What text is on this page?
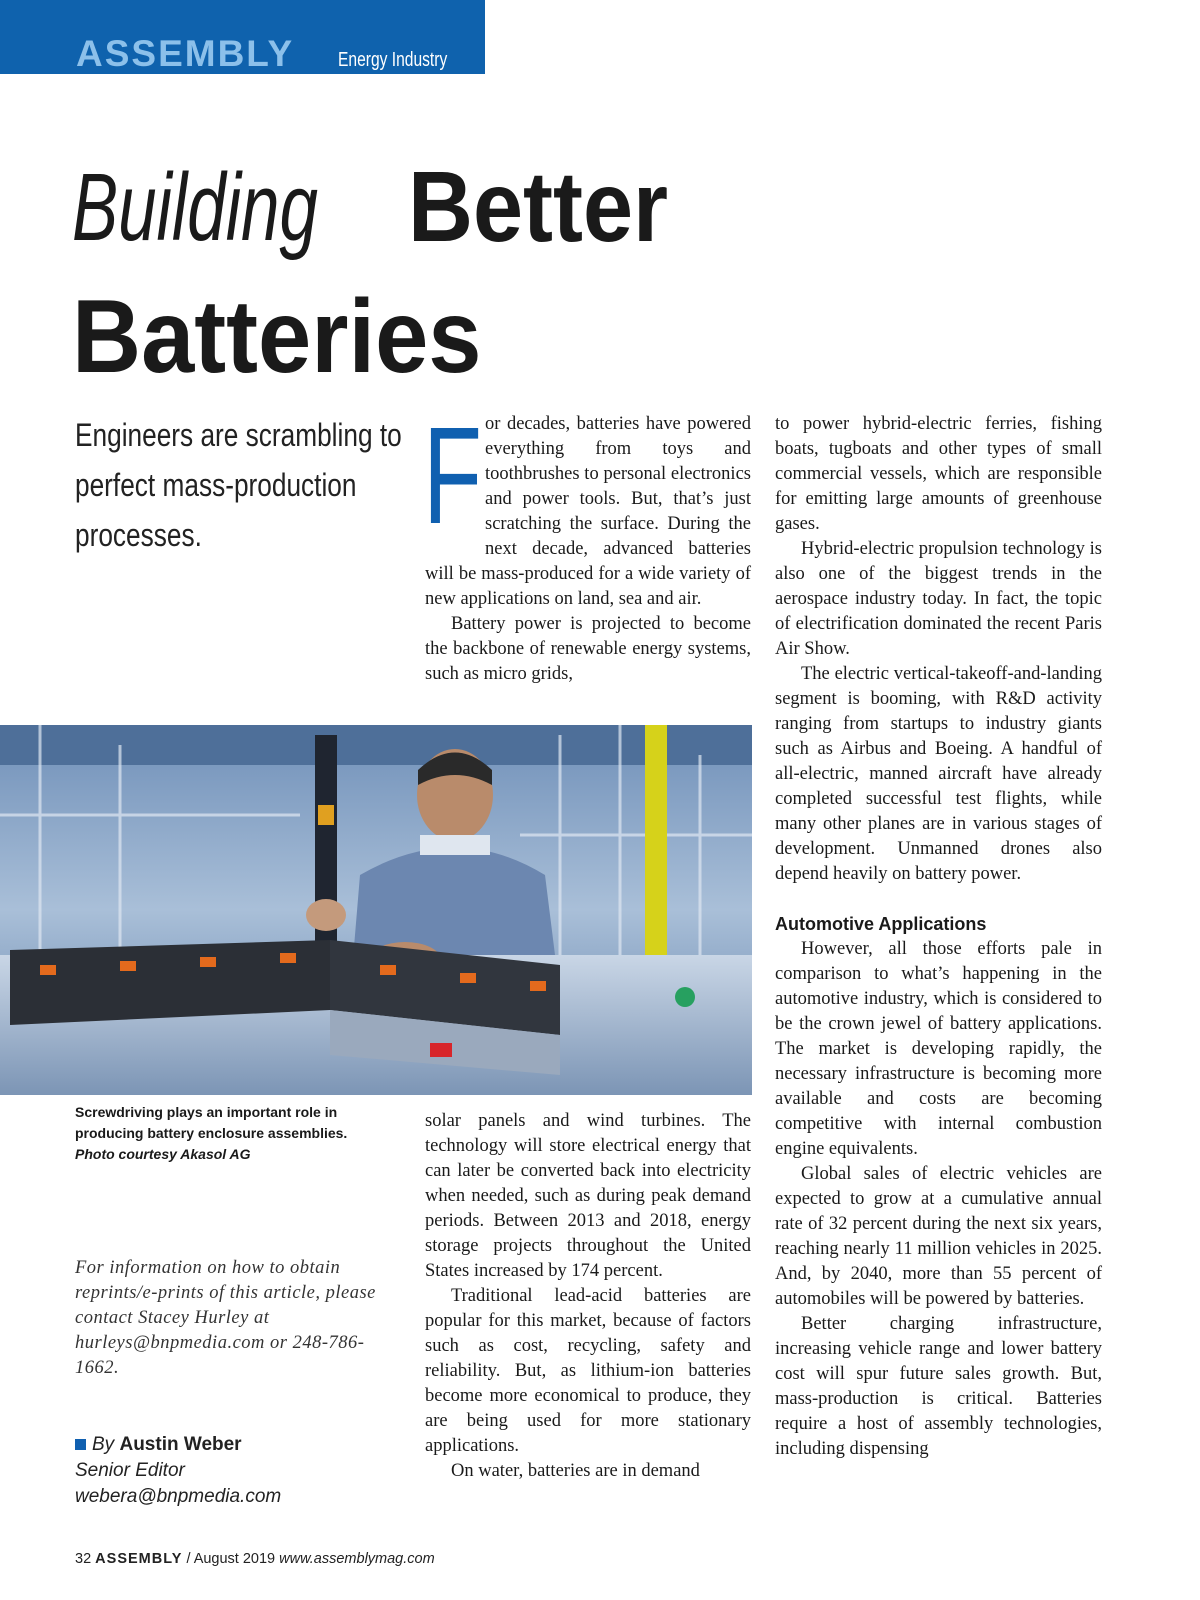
ASSEMBLY Energy Industry
Building Better
Batteries
Engineers are scrambling to perfect mass-production processes.	For decades, batteries have powered everything from toys and toothbrushes to personal electronics and power tools. But, that’s just scratching the surface. During the next decade, advanced batteries will be mass-produced for a wide variety of new applications on land, sea and air.

Battery power is projected to become the backbone of renewable energy systems, such as micro grids,

Screwdriving plays an important role in producing battery enclosure assemblies.
Photo courtesy Akasol AG

solar panels and wind turbines. The technology will store electrical energy that can later be converted back into electricity when needed, such as during peak demand periods. Between 2013 and 2018, energy storage projects throughout the United States increased by 174 percent.

Traditional lead-acid batteries are popular for this market, because of factors such as cost, recycling, safety and reliability. But, as lithium-ion batteries become more economical to produce, they are being used for more stationary applications.

On water, batteries are in demand

to power hybrid-electric ferries, fishing boats, tugboats and other types of small commercial vessels, which are responsible for emitting large amounts of greenhouse gases.

Hybrid-electric propulsion technology is also one of the biggest trends in the aerospace industry today. In fact, the topic of electrification dominated the recent Paris Air Show.

The electric vertical-takeoff-and-landing segment is booming, with R&D activity ranging from startups to industry giants such as Airbus and Boeing. A handful of all-electric, manned aircraft have already completed successful test flights, while many other planes are in various stages of development. Unmanned drones also depend heavily on battery power.

Automotive Applications

However, all those efforts pale in comparison to what’s happening in the automotive industry, which is considered to be the crown jewel of battery applications. The market is developing rapidly, the necessary infrastructure is becoming more available and costs are becoming competitive with internal combustion engine equivalents.

Global sales of electric vehicles are expected to grow at a cumulative annual rate of 32 percent during the next six years, reaching nearly 11 million vehicles in 2025. And, by 2040, more than 55 percent of automobiles will be powered by batteries.

Better charging infrastructure, increasing vehicle range and lower battery cost will spur future sales growth. But, mass-production is critical. Batteries require a host of assembly technologies, including dispensing

For information on how to obtain reprints/e-prints of this article, please contact Stacey Hurley at hurleys@bnpmedia.com or 248-786-1662.
By Austin Weber
Senior Editor
webera@bnpmedia.com
32 ASSEMBLY / August 2019 www.assemblymag.com
